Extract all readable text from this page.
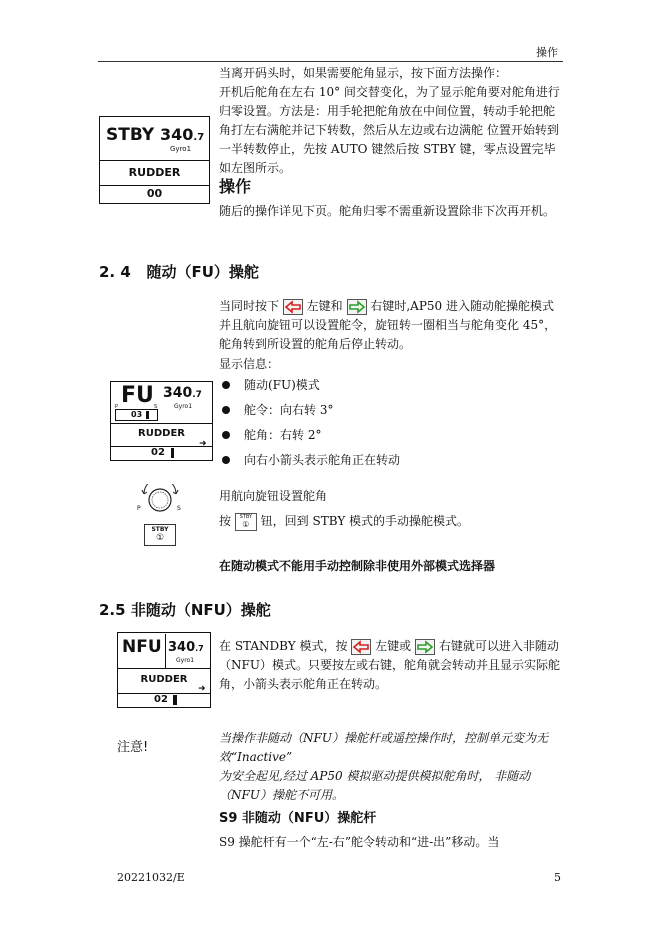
操作

当离开码头时，如果需要舵角显示，按下面方法操作：

开机后舵角在左右 10° 间交替变化，为了显示舵角要对舵角进行归零设置。方法是：用手轮把舵角放在中间位置，转动手轮把舵角打左右满舵并记下转数，然后从左边或右边满舵 位置开始转到一半转数停止，先按 AUTO 键然后按 STBY 键，零点设置完毕如左图所示。

STBY 340.7
Gyro1
RUDDER
00	操作

随后的操作详见下页。舵角归零不需重新设置除非下次再开机。

2. 4 随动（FU）操舵

当同时按下 左键和 右键时,AP50 进入随动舵操舵模式并且航向旋钮可以设置舵令，旋钮转一圈相当与舵角变化 45°，舵角转到所设置的舵角后停止转动。

显示信息：

FU
P	S
03
340.7
Gyro1
RUDDER
➜
02
随动(FU)模式
舵令：向右转 3°
舵角：右转 2°
向右小箭头表示舵角正在转动
P	S

用航向旋钮设置舵角

STBY
①

按	STBY
① 钮，回到 STBY 模式的手动操舵模式。

在随动模式不能用手动控制除非使用外部模式选择器
2.5 非随动（NFU）操舵
NFU 340.7
Gyro1
RUDDER
➜
02

在 STANDBY 模式，按 左键或 右键就可以进入非随动（NFU）模式。只要按左或右键，舵角就会转动并且显示实际舵角，小箭头表示舵角正在转动。

注意!

当操作非随动（NFU）操舵杆或遥控操作时，控制单元变为无效“Inactive”

为安全起见,经过 AP50 模拟驱动提供模拟舵角时， 非随动（NFU）操舵不可用。

S9 非随动（NFU）操舵杆

S9 操舵杆有一个“左-右”舵令转动和“进-出”移动。当

20221032/E	5
